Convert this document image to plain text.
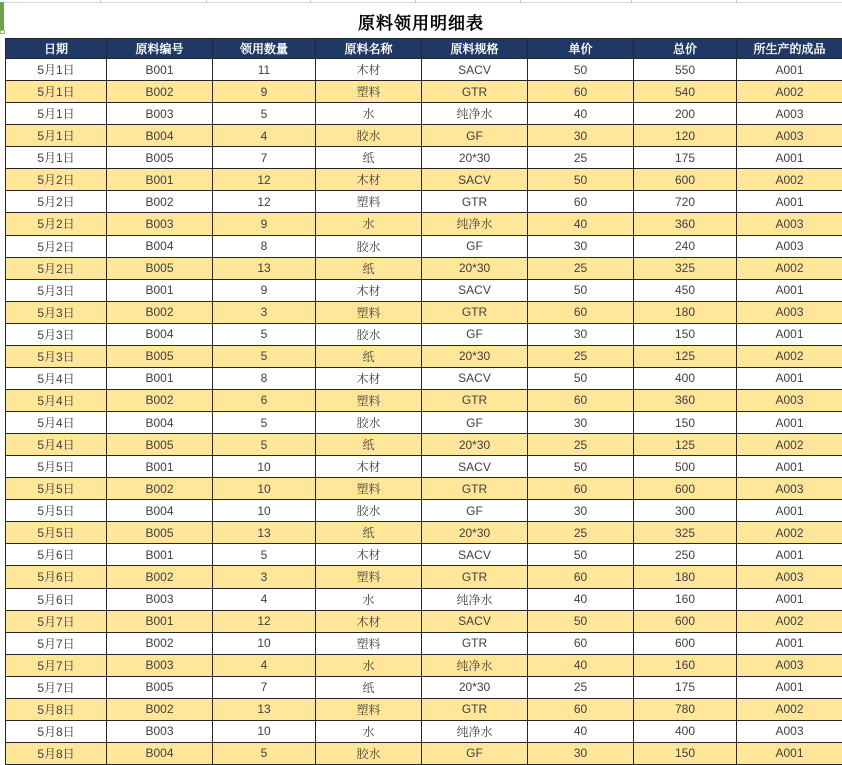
原料领用明细表
日期	原料编号	领用数量	原料名称	原料规格	单价	总价	所生产的成品
5月1日	B001	11	木材	SACV	50	550	A001
5月1日	B002	9	塑料	GTR	60	540	A002
5月1日	B003	5	水	纯净水	40	200	A003
5月1日	B004	4	胶水	GF	30	120	A003
5月1日	B005	7	纸	20*30	25	175	A001
5月2日	B001	12	木材	SACV	50	600	A002
5月2日	B002	12	塑料	GTR	60	720	A001
5月2日	B003	9	水	纯净水	40	360	A003
5月2日	B004	8	胶水	GF	30	240	A003
5月2日	B005	13	纸	20*30	25	325	A002
5月3日	B001	9	木材	SACV	50	450	A001
5月3日	B002	3	塑料	GTR	60	180	A003
5月3日	B004	5	胶水	GF	30	150	A001
5月3日	B005	5	纸	20*30	25	125	A002
5月4日	B001	8	木材	SACV	50	400	A001
5月4日	B002	6	塑料	GTR	60	360	A003
5月4日	B004	5	胶水	GF	30	150	A001
5月4日	B005	5	纸	20*30	25	125	A002
5月5日	B001	10	木材	SACV	50	500	A001
5月5日	B002	10	塑料	GTR	60	600	A003
5月5日	B004	10	胶水	GF	30	300	A001
5月5日	B005	13	纸	20*30	25	325	A002
5月6日	B001	5	木材	SACV	50	250	A001
5月6日	B002	3	塑料	GTR	60	180	A003
5月6日	B003	4	水	纯净水	40	160	A001
5月7日	B001	12	木材	SACV	50	600	A002
5月7日	B002	10	塑料	GTR	60	600	A001
5月7日	B003	4	水	纯净水	40	160	A003
5月7日	B005	7	纸	20*30	25	175	A001
5月8日	B002	13	塑料	GTR	60	780	A002
5月8日	B003	10	水	纯净水	40	400	A003
5月8日	B004	5	胶水	GF	30	150	A001
